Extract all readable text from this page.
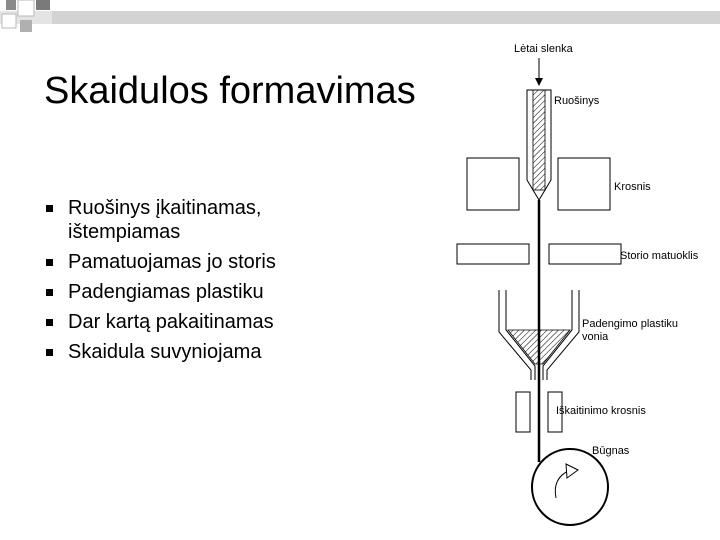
Skaidulos formavimas
Ruošinys įkaitinamas, ištempiamas
Pamatuojamas jo storis
Padengiamas plastiku
Dar kartą pakaitinamas
Skaidula suvyniojama
Lėtai slenka
Ruošinys
Krosnis
Storio matuoklis
Padengimo plastiku
vonia
Iškaitinimo krosnis
Būgnas
